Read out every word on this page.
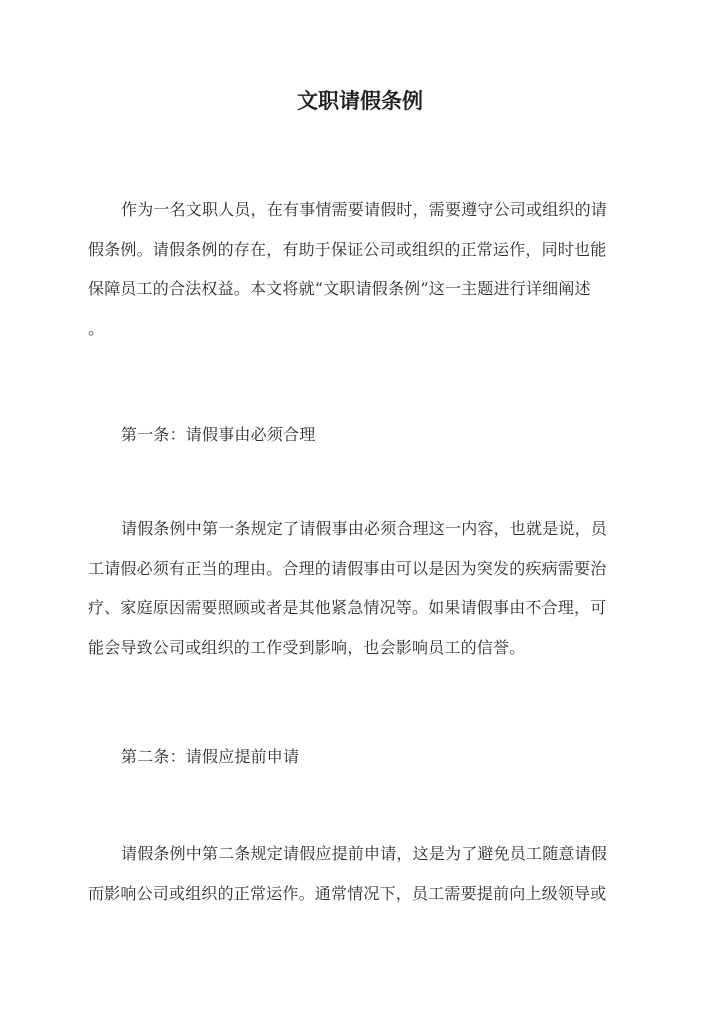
文职请假条例

作为一名文职人员，在有事情需要请假时，需要遵守公司或组织的请
假条例。请假条例的存在，有助于保证公司或组织的正常运作，同时也能
保障员工的合法权益。本文将就“文职请假条例”这一主题进行详细阐述
。

第一条：请假事由必须合理

请假条例中第一条规定了请假事由必须合理这一内容，也就是说，员
工请假必须有正当的理由。合理的请假事由可以是因为突发的疾病需要治
疗、家庭原因需要照顾或者是其他紧急情况等。如果请假事由不合理，可
能会导致公司或组织的工作受到影响，也会影响员工的信誉。

第二条：请假应提前申请

请假条例中第二条规定请假应提前申请，这是为了避免员工随意请假
而影响公司或组织的正常运作。通常情况下，员工需要提前向上级领导或
